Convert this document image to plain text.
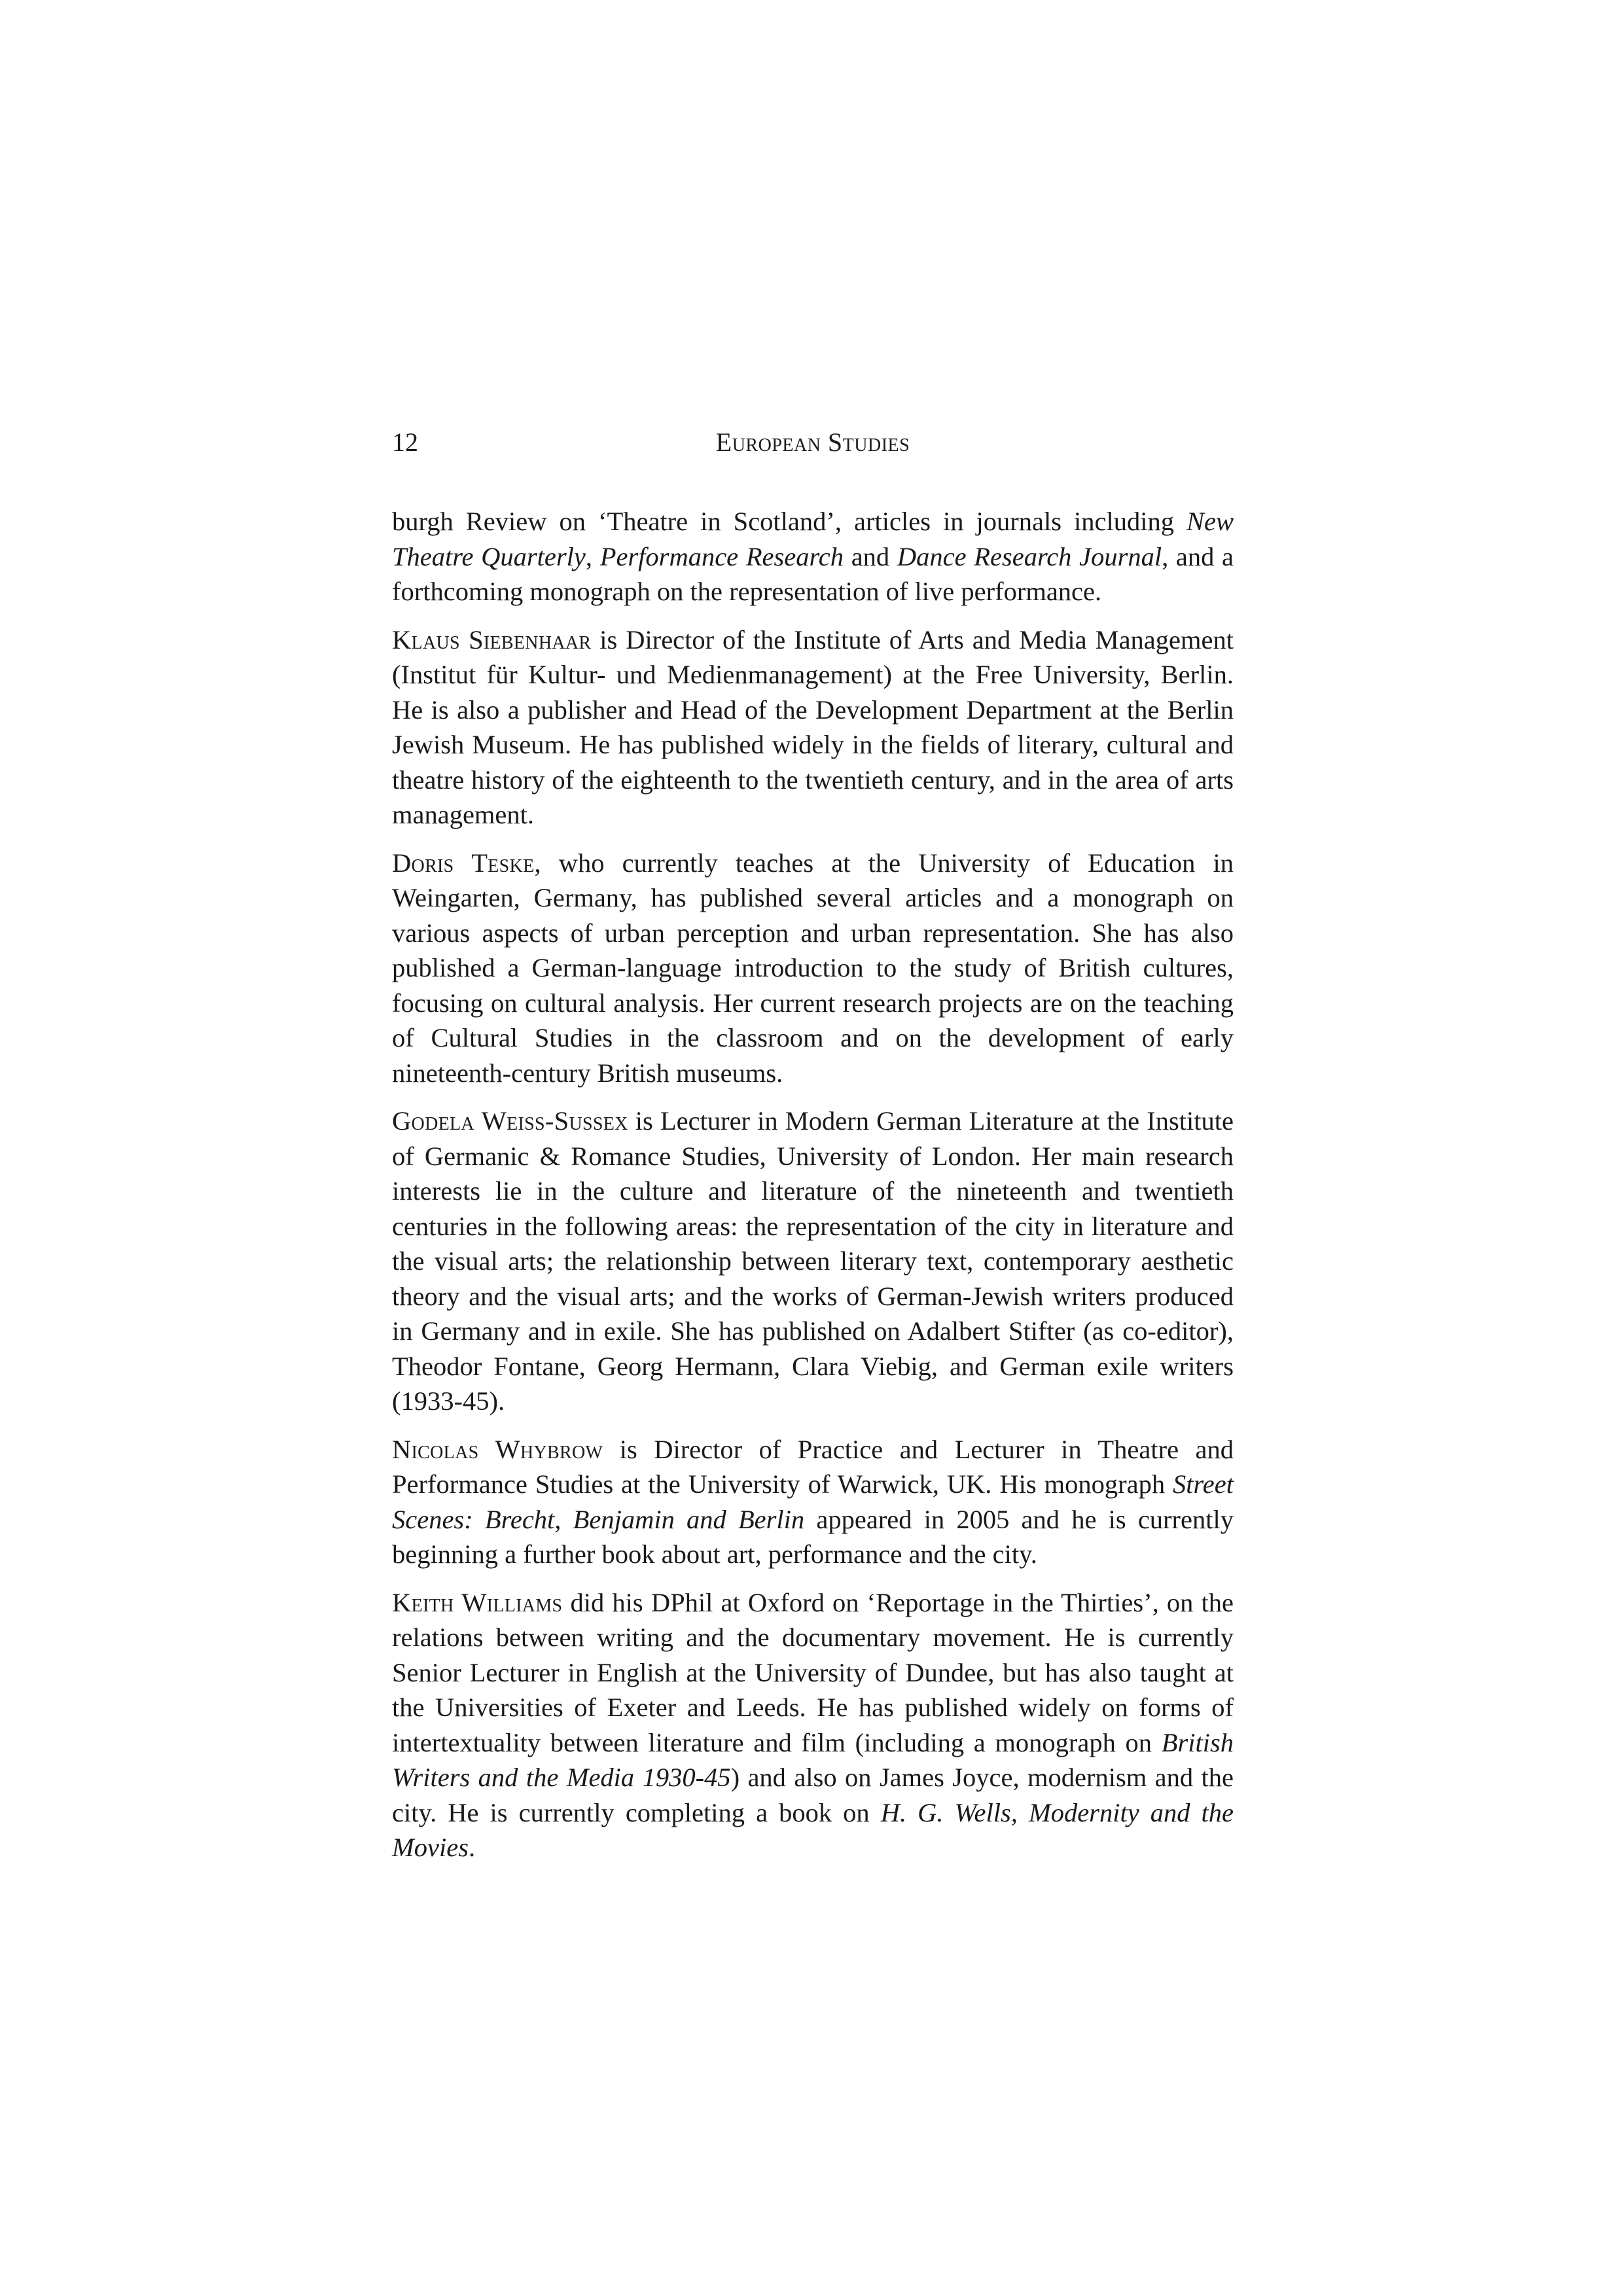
12	European Studies

burgh Review on ‘Theatre in Scotland’, articles in journals including New Theatre Quarterly, Performance Research and Dance Research Journal, and a forthcoming monograph on the representation of live performance.

Klaus Siebenhaar is Director of the Institute of Arts and Media Management (Institut für Kultur- und Medienmanagement) at the Free University, Berlin. He is also a publisher and Head of the Development Department at the Berlin Jewish Museum. He has published widely in the fields of literary, cultural and theatre history of the eighteenth to the twentieth century, and in the area of arts management.

Doris Teske, who currently teaches at the University of Education in Weingarten, Germany, has published several articles and a monograph on various aspects of urban perception and urban representation. She has also published a German-language introduction to the study of British cultures, focusing on cultural analysis. Her current research projects are on the teaching of Cultural Studies in the classroom and on the development of early nineteenth-century British museums.

Godela Weiss-Sussex is Lecturer in Modern German Literature at the Institute of Germanic & Romance Studies, University of London. Her main research interests lie in the culture and literature of the nineteenth and twentieth centuries in the following areas: the representation of the city in literature and the visual arts; the relationship between literary text, contemporary aesthetic theory and the visual arts; and the works of German-Jewish writers produced in Germany and in exile. She has published on Adalbert Stifter (as co-editor), Theodor Fontane, Georg Hermann, Clara Viebig, and German exile writers (1933-45).

Nicolas Whybrow is Director of Practice and Lecturer in Theatre and Performance Studies at the University of Warwick, UK. His monograph Street Scenes: Brecht, Benjamin and Berlin appeared in 2005 and he is currently beginning a further book about art, performance and the city.

Keith Williams did his DPhil at Oxford on ‘Reportage in the Thirties’, on the relations between writing and the documentary movement. He is currently Senior Lecturer in English at the University of Dundee, but has also taught at the Universities of Exeter and Leeds. He has published widely on forms of intertextuality between literature and film (including a monograph on British Writers and the Media 1930-45) and also on James Joyce, modernism and the city. He is currently completing a book on H. G. Wells, Modernity and the Movies.
